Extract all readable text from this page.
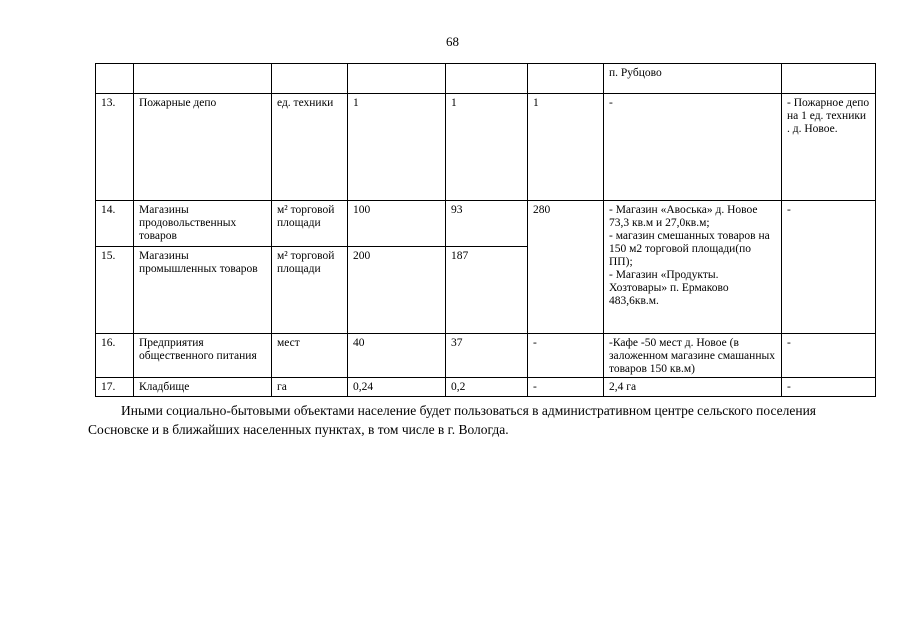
68
						п. Рубцово	
13.	Пожарные депо	ед. техники	1	1	1	-	- Пожарное депо на 1 ед. техники . д. Новое.
14.	Магазины продовольственных товаров	м² торговой площади	100	93	280	- Магазин «Авоська» д. Новое 73,3 кв.м и 27,0кв.м;
- магазин смешанных товаров на 150 м2 торговой площади(по ПП);
- Магазин «Продукты. Хозтовары» п. Ермаково 483,6кв.м.	-
15.	Магазины промышленных товаров	м² торговой площади	200	187			
16.	Предприятия общественного питания	мест	40	37	-	-Кафе -50 мест д. Новое (в заложенном магазине смашанных товаров 150 кв.м)	-
17.	Кладбище	га	0,24	0,2	-	2,4 га	-
Иными социально-бытовыми объектами население будет пользоваться в административном центре сельского поселения Сосновске и в ближайших населенных пунктах, в том числе в г. Вологда.
